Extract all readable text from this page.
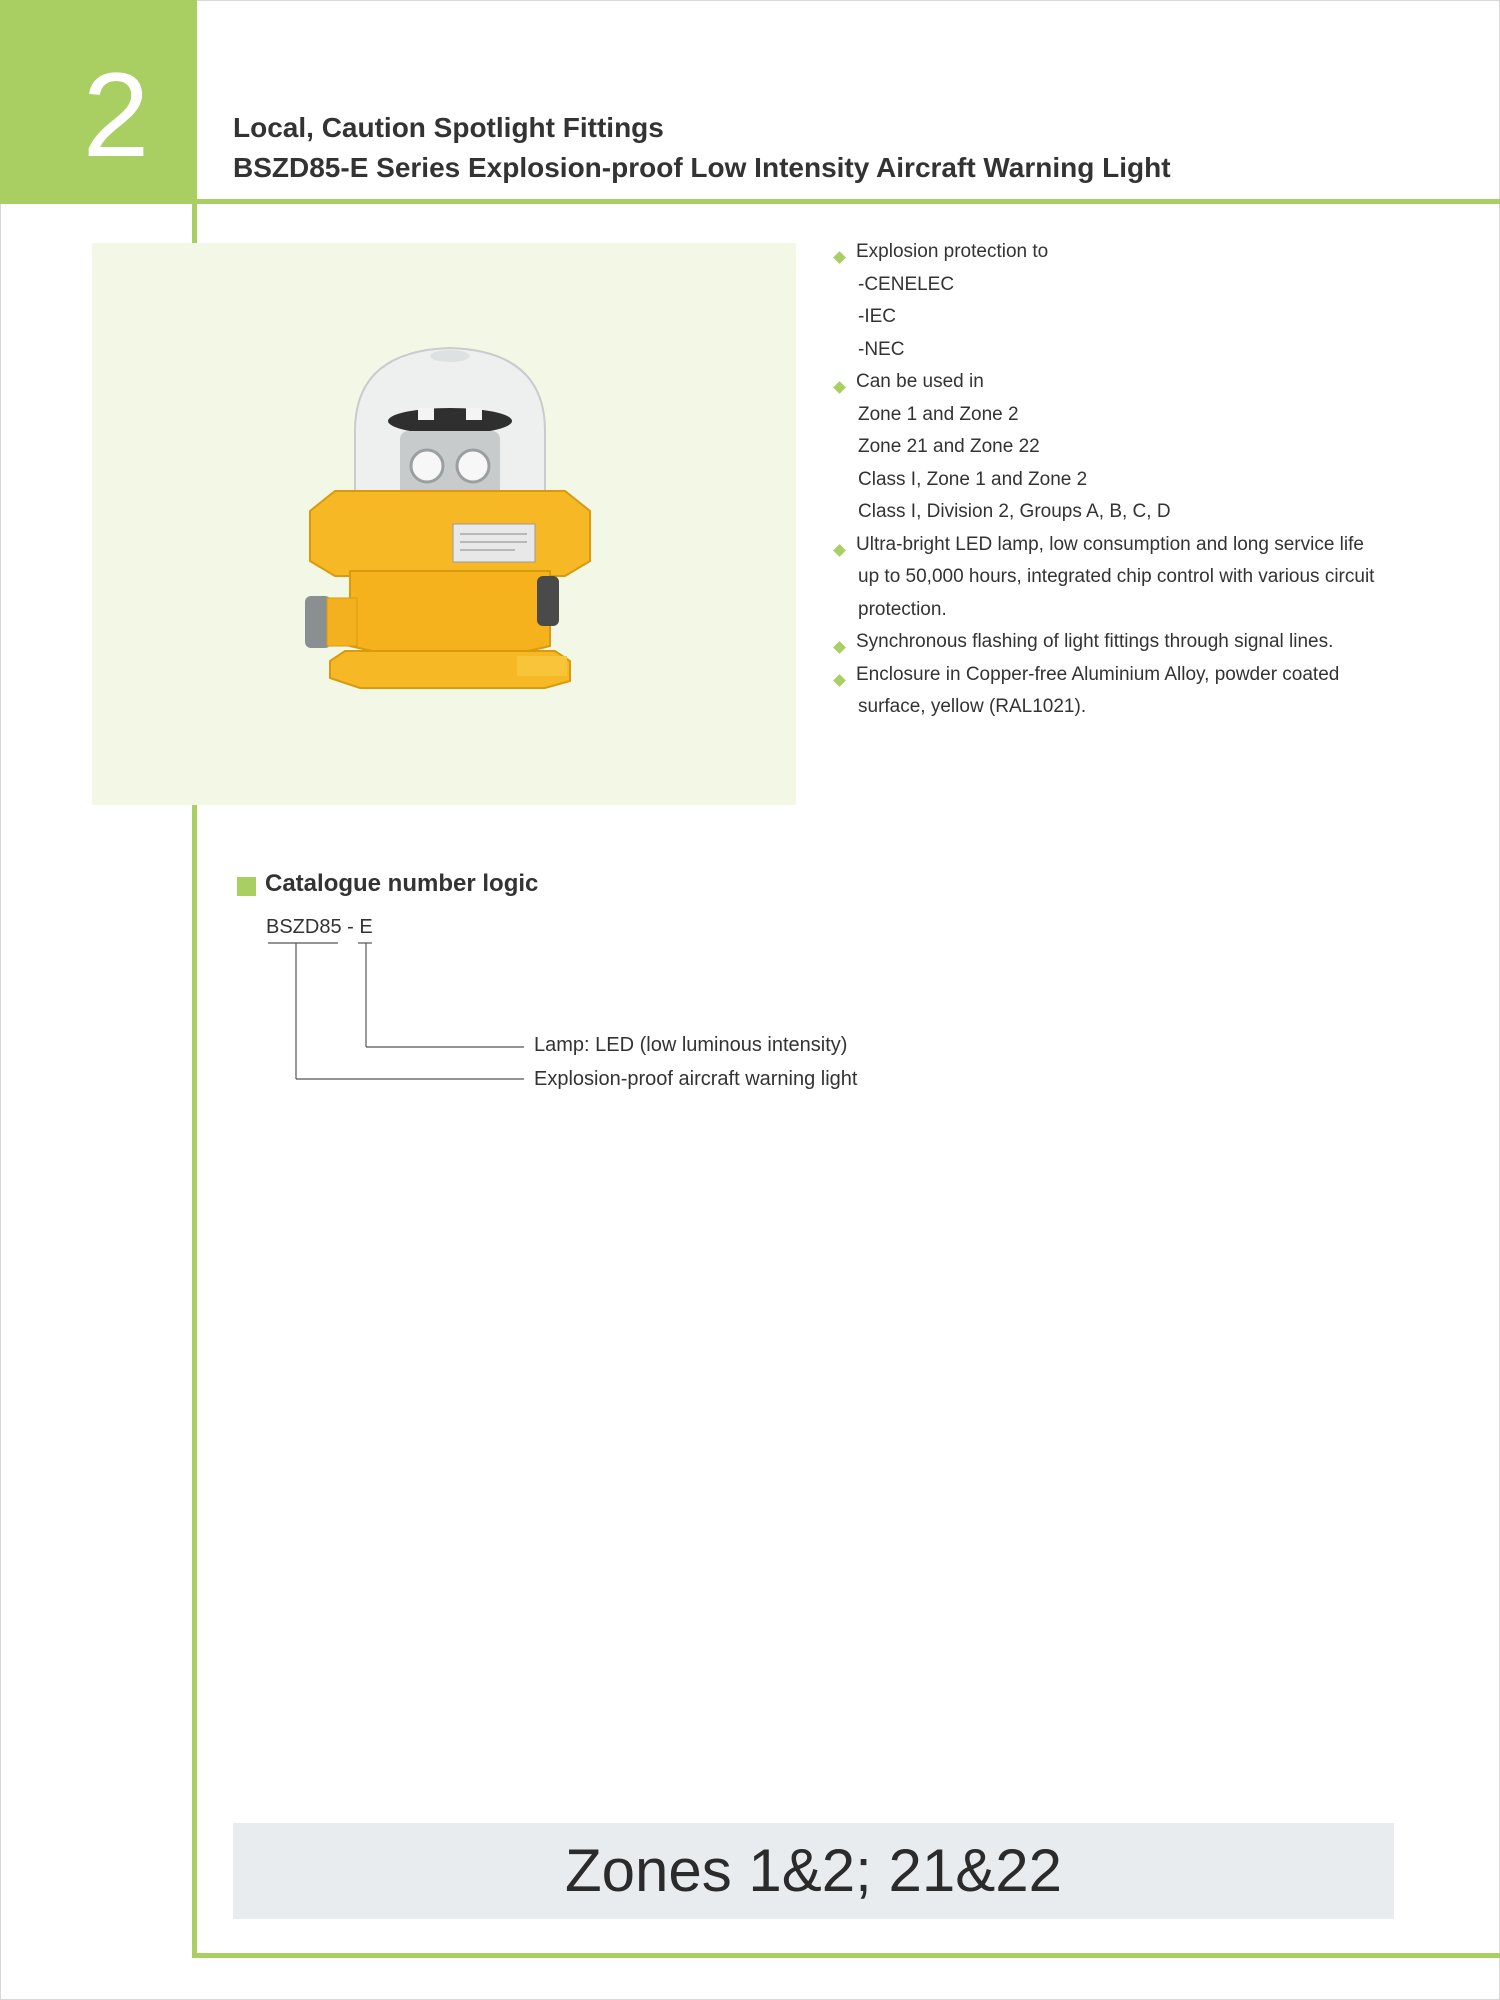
2	Local, Caution Spotlight Fittings
BSZD85-E Series Explosion-proof Low Intensity Aircraft Warning Light
Explosion protection to
-CENELEC
-IEC
-NEC
Can be used in
Zone 1 and Zone 2
Zone 21 and Zone 22
Class I, Zone 1 and Zone 2
Class I, Division 2, Groups A, B, C, D
Ultra-bright LED lamp, low consumption and long service life
up to 50,000 hours, integrated chip control with various circuit
protection.
Synchronous flashing of light fittings through signal lines.
Enclosure in Copper-free Aluminium Alloy, powder coated
surface, yellow (RAL1021).
Catalogue number logic
BSZD85 - E
Lamp: LED (low luminous intensity)
Explosion-proof aircraft warning light
Zones 1&2; 21&22
